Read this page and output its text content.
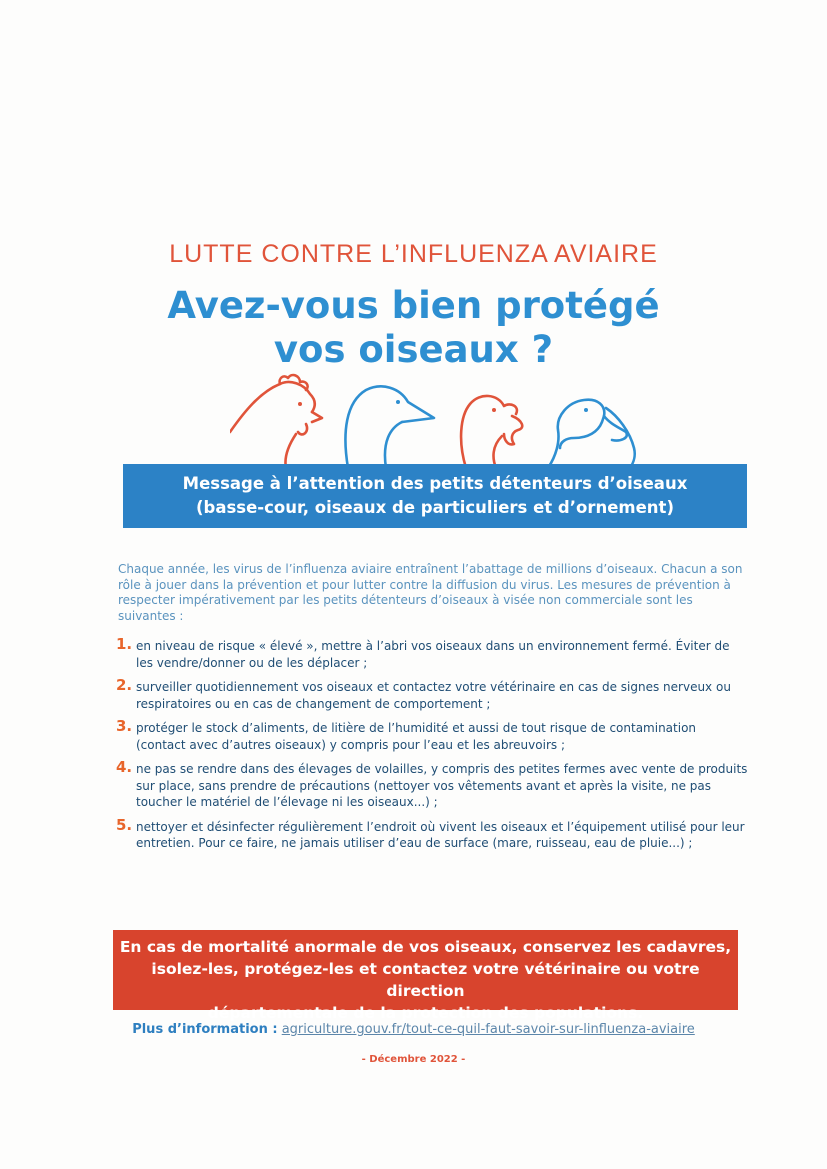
LUTTE CONTRE L’INFLUENZA AVIAIRE
Avez-vous bien protégé
vos oiseaux ?
Message à l’attention des petits détenteurs d’oiseaux
(basse-cour, oiseaux de particuliers et d’ornement)

Chaque année, les virus de l’influenza aviaire entraînent l’abattage de millions d’oiseaux. Chacun a son rôle à jouer dans la prévention et pour lutter contre la diffusion du virus. Les mesures de prévention à respecter impérativement par les petits détenteurs d’oiseaux à visée non commerciale sont les suivantes :

1. en niveau de risque « élevé », mettre à l’abri vos oiseaux dans un environnement fermé. Éviter de les vendre/donner ou de les déplacer ;
2. surveiller quotidiennement vos oiseaux et contactez votre vétérinaire en cas de signes nerveux ou respiratoires ou en cas de changement de comportement ;
3. protéger le stock d’aliments, de litière de l’humidité et aussi de tout risque de contamination (contact avec d’autres oiseaux) y compris pour l’eau et les abreuvoirs ;
4. ne pas se rendre dans des élevages de volailles, y compris des petites fermes avec vente de produits sur place, sans prendre de précautions (nettoyer vos vêtements avant et après la visite, ne pas toucher le matériel de l’élevage ni les oiseaux...) ;
5. nettoyer et désinfecter régulièrement l’endroit où vivent les oiseaux et l’équipement utilisé pour leur entretien. Pour ce faire, ne jamais utiliser d’eau de surface (mare, ruisseau, eau de pluie...) ;
En cas de mortalité anormale de vos oiseaux, conservez les cadavres,
isolez-les, protégez-les et contactez votre vétérinaire ou votre direction
départementale de la protection des populations.
Plus d’information : agriculture.gouv.fr/tout-ce-quil-faut-savoir-sur-linfluenza-aviaire
- Décembre 2022 -
